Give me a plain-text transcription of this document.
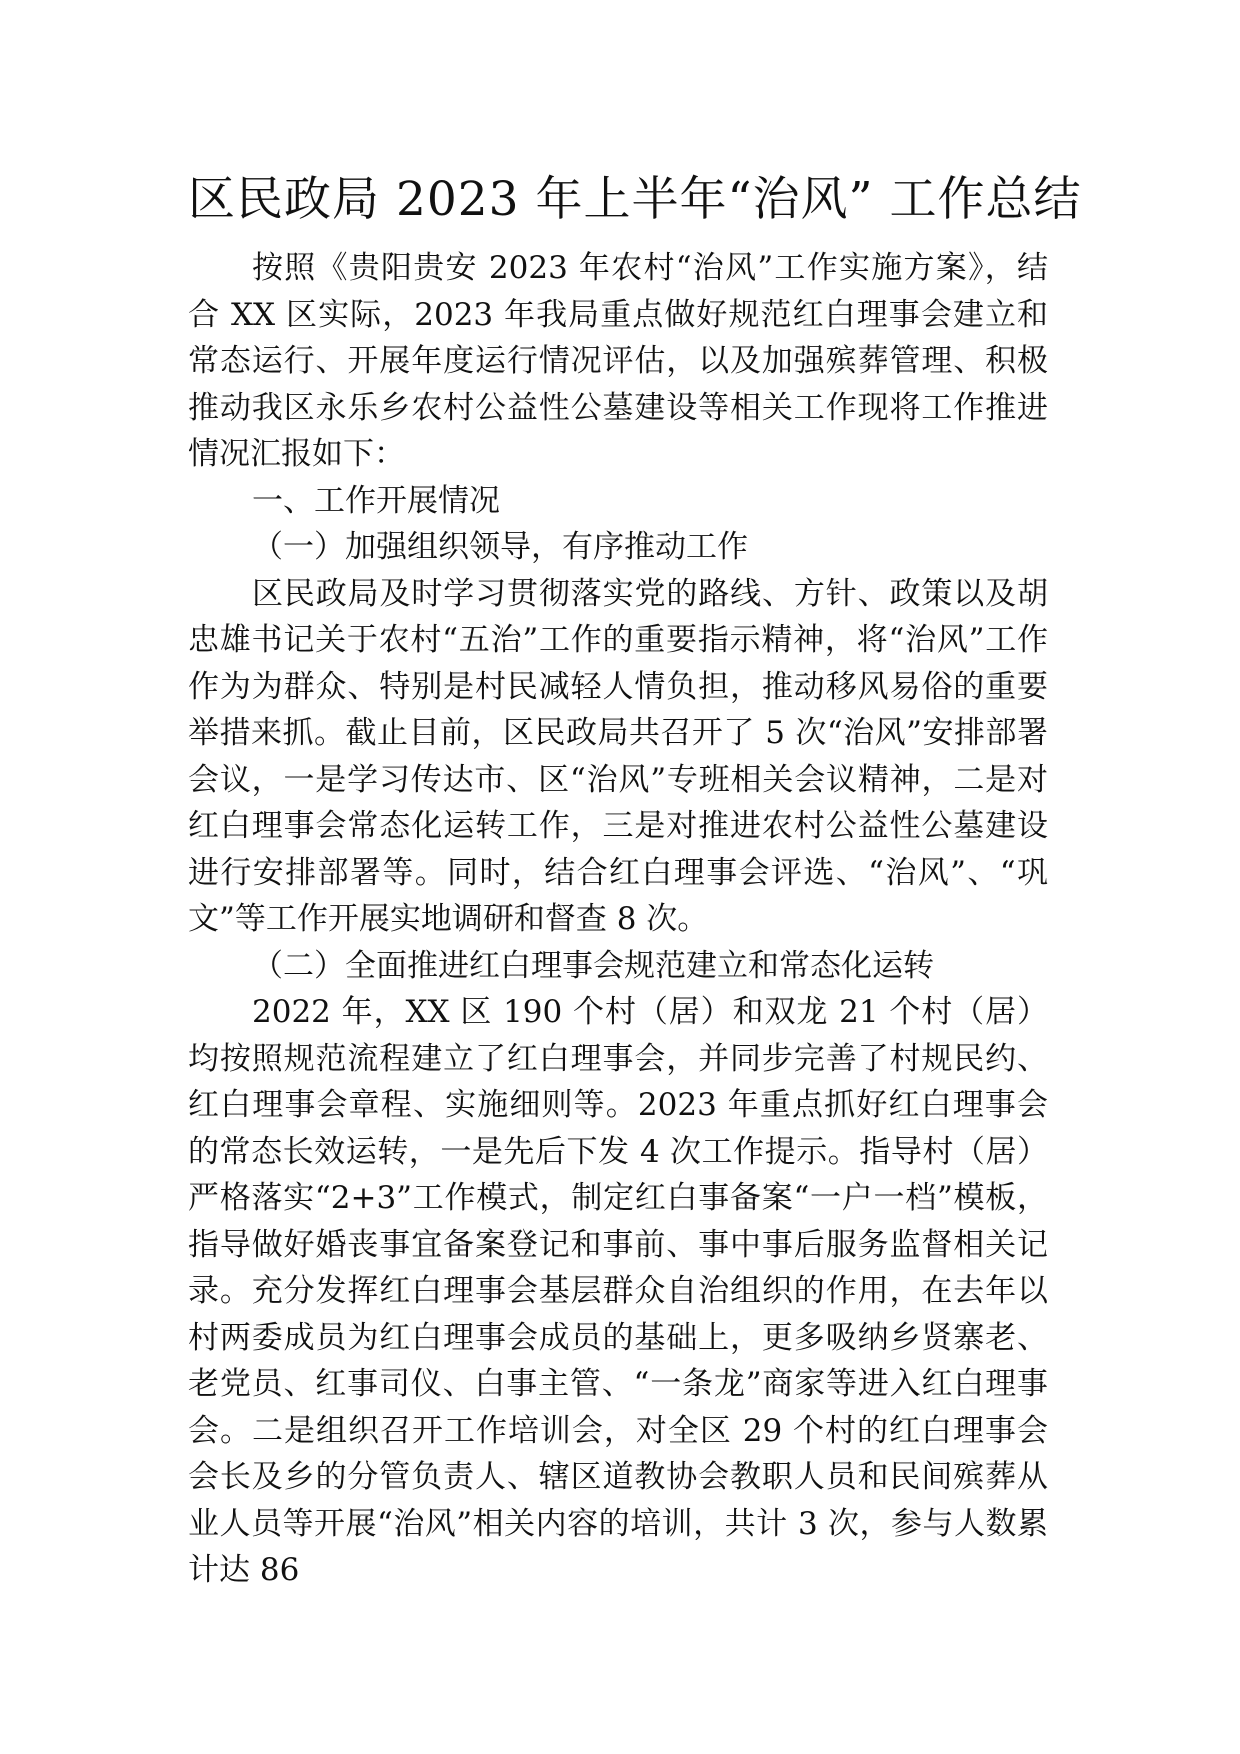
区民政局 2023 年上半年“治风” 工作总结

按照《贵阳贵安 2023 年农村“治风”工作实施方案》，结合 XX 区实际，2023 年我局重点做好规范红白理事会建立和常态运行、开展年度运行情况评估，以及加强殡葬管理、积极推动我区永乐乡农村公益性公墓建设等相关工作现将工作推进情况汇报如下：

一、工作开展情况

（一）加强组织领导，有序推动工作

区民政局及时学习贯彻落实党的路线、方针、政策以及胡忠雄书记关于农村“五治”工作的重要指示精神，将“治风”工作作为为群众、特别是村民减轻人情负担，推动移风易俗的重要举措来抓。截止目前，区民政局共召开了 5 次“治风”安排部署会议，一是学习传达市、区“治风”专班相关会议精神，二是对红白理事会常态化运转工作，三是对推进农村公益性公墓建设进行安排部署等。同时，结合红白理事会评选、“治风”、“巩文”等工作开展实地调研和督查 8 次。

（二）全面推进红白理事会规范建立和常态化运转

2022 年，XX 区 190 个村（居）和双龙 21 个村（居）均按照规范流程建立了红白理事会，并同步完善了村规民约、红白理事会章程、实施细则等。2023 年重点抓好红白理事会的常态长效运转，一是先后下发 4 次工作提示。指导村（居）严格落实“2+3”工作模式，制定红白事备案“一户一档”模板，指导做好婚丧事宜备案登记和事前、事中事后服务监督相关记录。充分发挥红白理事会基层群众自治组织的作用，在去年以村两委成员为红白理事会成员的基础上，更多吸纳乡贤寨老、老党员、红事司仪、白事主管、“一条龙”商家等进入红白理事会。二是组织召开工作培训会，对全区 29 个村的红白理事会会长及乡的分管负责人、辖区道教协会教职人员和民间殡葬从业人员等开展“治风”相关内容的培训，共计 3 次，参与人数累计达 86
